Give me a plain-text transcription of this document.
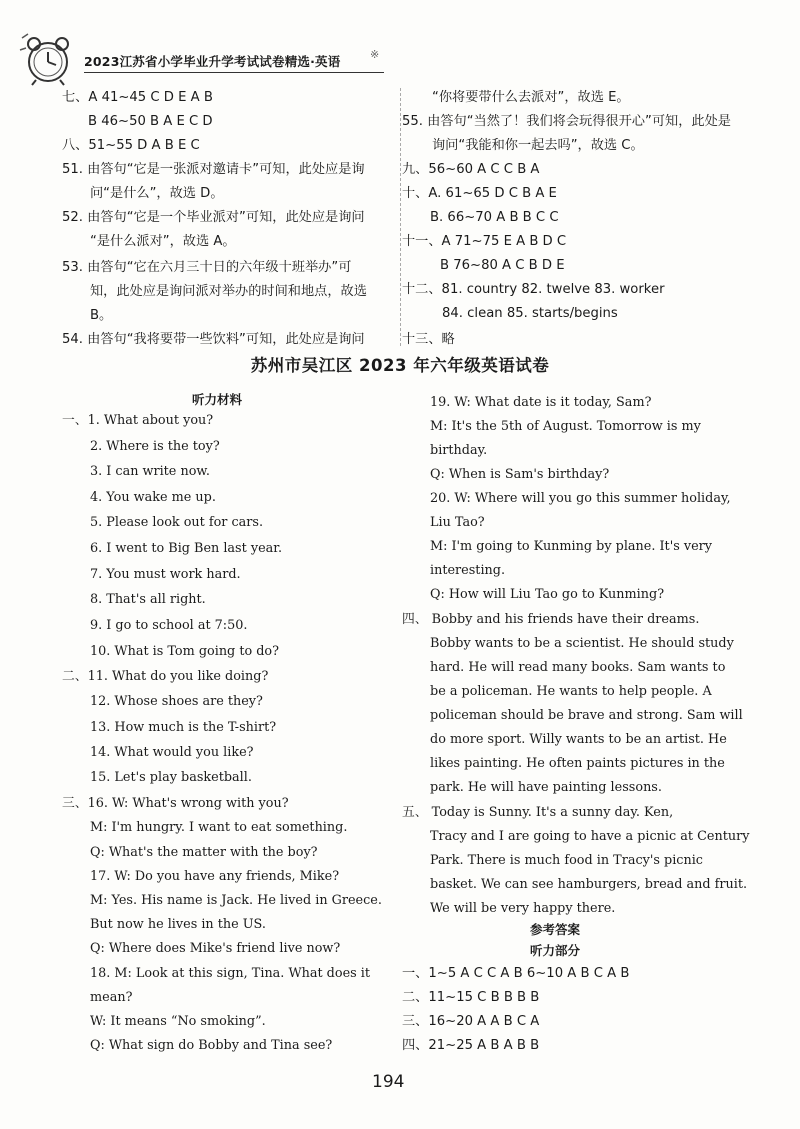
2023江苏省小学毕业升学考试试卷精选·英语	※
七、A 41~45 C D E A B
B 46~50 B A E C D
八、51~55 D A B E C
51. 由答句“它是一张派对邀请卡”可知，此处应是询
问“是什么”，故选 D。
52. 由答句“它是一个毕业派对”可知，此处应是询问
“是什么派对”，故选 A。
53. 由答句“它在六月三十日的六年级十班举办”可
知，此处应是询问派对举办的时间和地点，故选
B。
54. 由答句“我将要带一些饮料”可知，此处应是询问
“你将要带什么去派对”，故选 E。
55. 由答句“当然了！我们将会玩得很开心”可知，此处是
询问“我能和你一起去吗”，故选 C。
九、56~60 A C C B A
十、A. 61~65 D C B A E
B. 66~70 A B B C C
十一、A 71~75 E A B D C
B 76~80 A C B D E
十二、81. country 82. twelve 83. worker
84. clean 85. starts/begins
十三、略
苏州市吴江区 2023 年六年级英语试卷
听力材料
一、1. What about you?
2. Where is the toy?
3. I can write now.
4. You wake me up.
5. Please look out for cars.
6. I went to Big Ben last year.
7. You must work hard.
8. That's all right.
9. I go to school at 7:50.
10. What is Tom going to do?
二、11. What do you like doing?
12. Whose shoes are they?
13. How much is the T-shirt?
14. What would you like?
15. Let's play basketball.
三、16. W: What's wrong with you?
M: I'm hungry. I want to eat something.
Q: What's the matter with the boy?
17. W: Do you have any friends, Mike?
M: Yes. His name is Jack. He lived in Greece.
But now he lives in the US.
Q: Where does Mike's friend live now?
18. M: Look at this sign, Tina. What does it
mean?
W: It means “No smoking”.
Q: What sign do Bobby and Tina see?
19. W: What date is it today, Sam?
M: It's the 5th of August. Tomorrow is my
birthday.
Q: When is Sam's birthday?
20. W: Where will you go this summer holiday,
Liu Tao?
M: I'm going to Kunming by plane. It's very
interesting.
Q: How will Liu Tao go to Kunming?
四、 Bobby and his friends have their dreams.
Bobby wants to be a scientist. He should study
hard. He will read many books. Sam wants to
be a policeman. He wants to help people. A
policeman should be brave and strong. Sam will
do more sport. Willy wants to be an artist. He
likes painting. He often paints pictures in the
park. He will have painting lessons.
五、 Today is Sunny. It's a sunny day. Ken,
Tracy and I are going to have a picnic at Century
Park. There is much food in Tracy's picnic
basket. We can see hamburgers, bread and fruit.
We will be very happy there.
参考答案
听力部分
一、1~5 A C C A B 6~10 A B C A B
二、11~15 C B B B B
三、16~20 A A B C A
四、21~25 A B A B B
194
